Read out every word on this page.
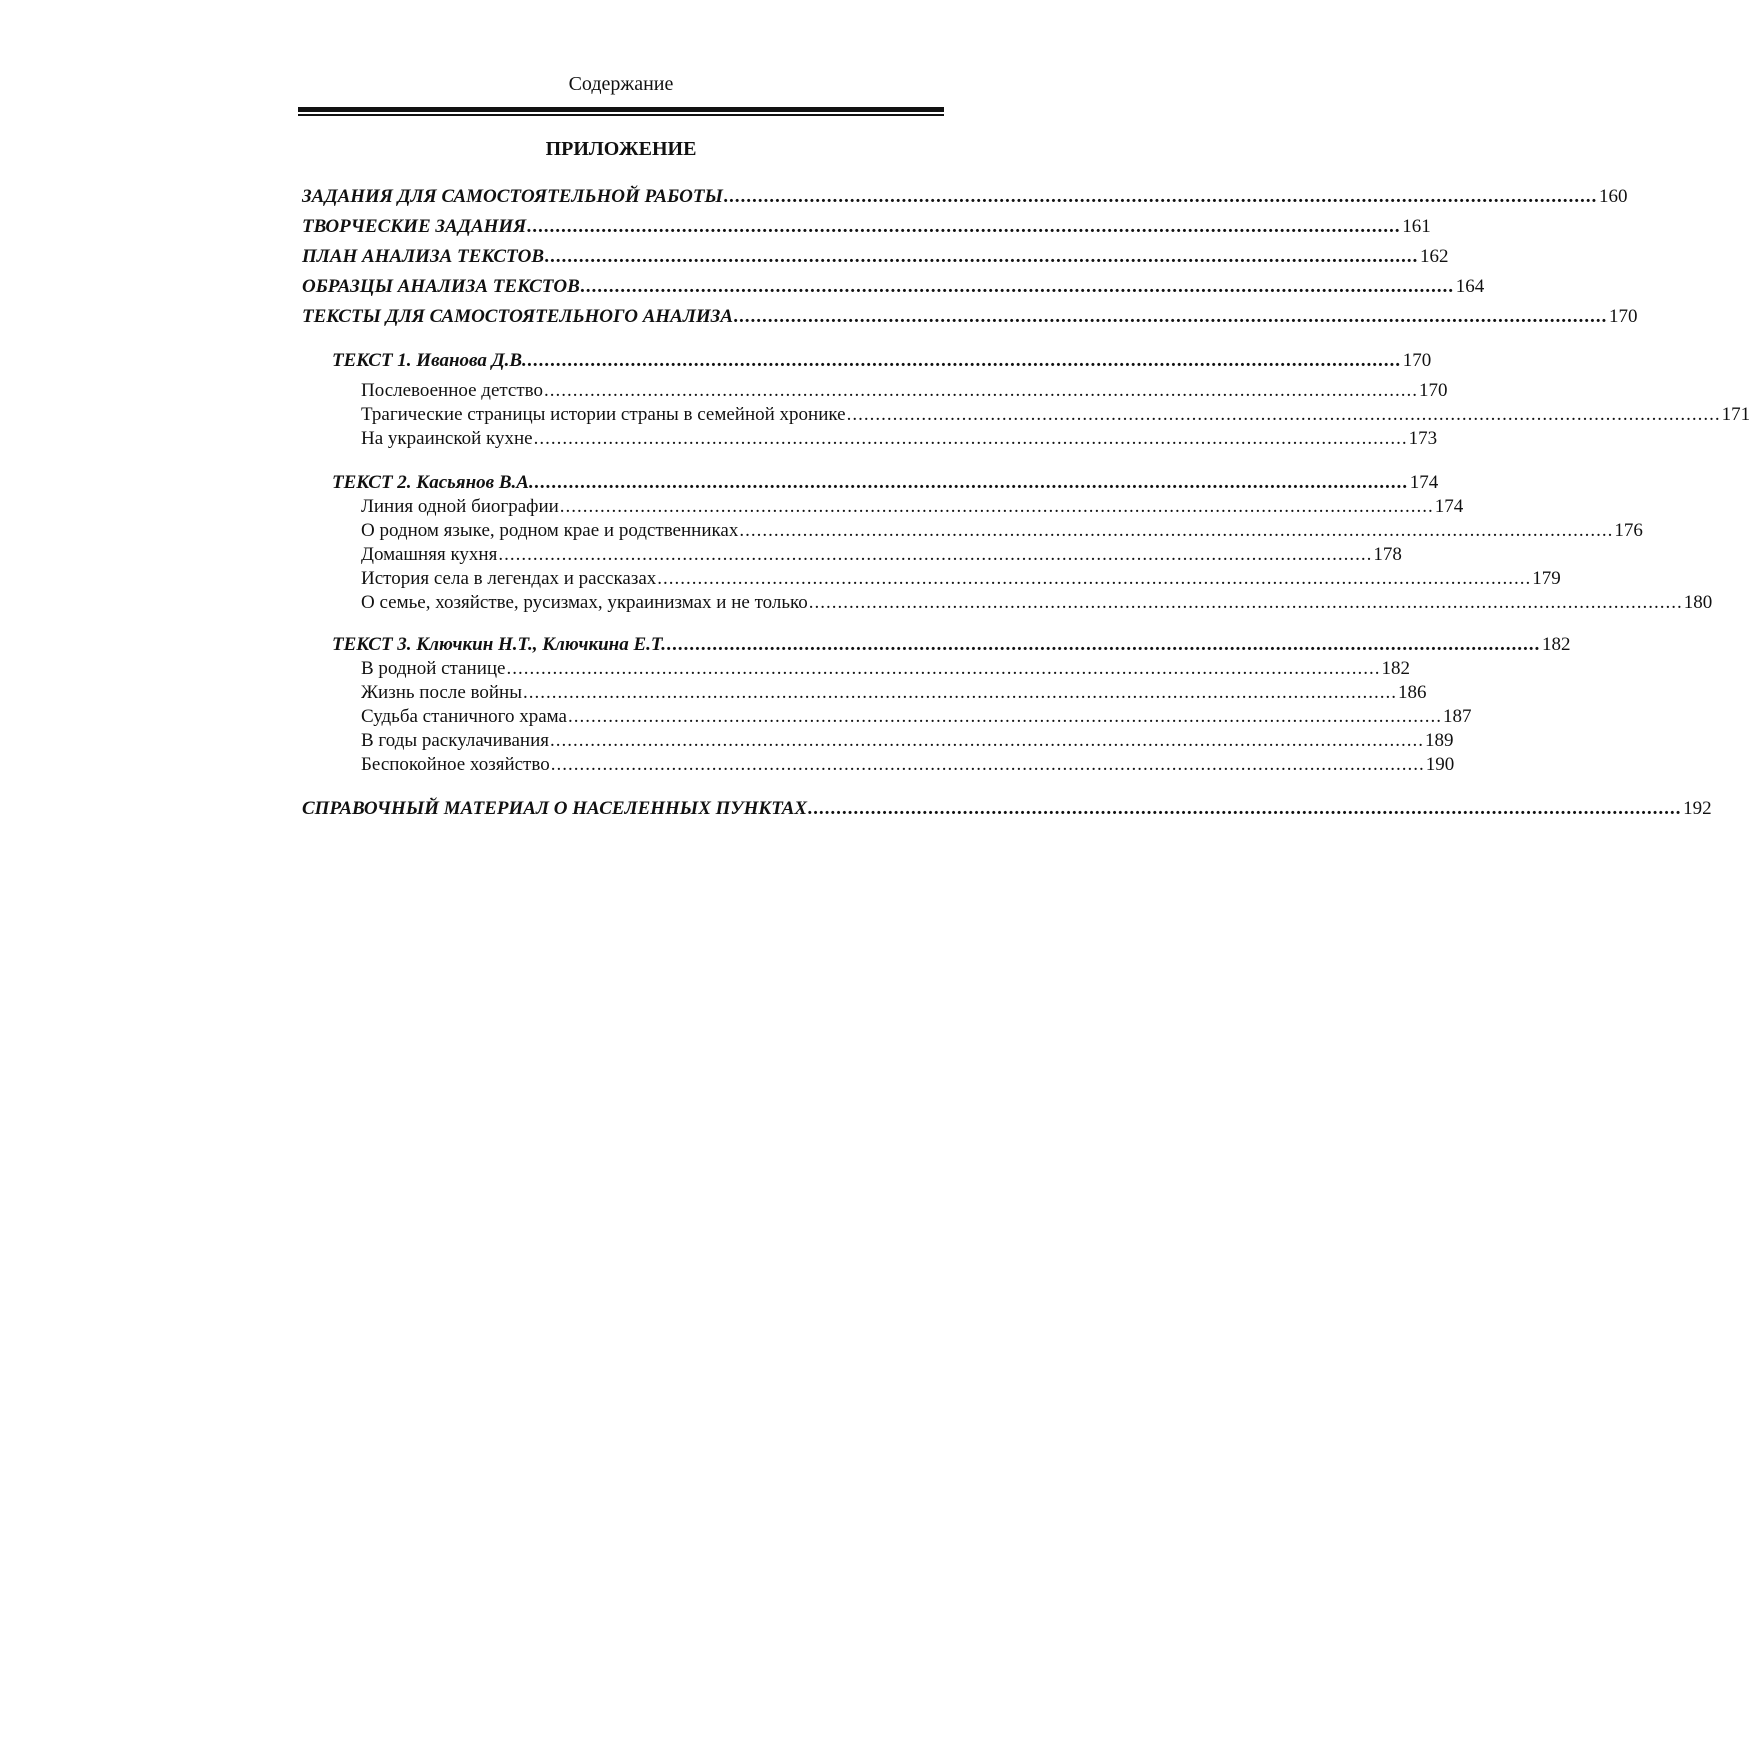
Содержание
ПРИЛОЖЕНИЕ
ЗАДАНИЯ ДЛЯ САМОСТОЯТЕЛЬНОЙ РАБОТЫ ........................................................................................................................................................ 160
ТВОРЧЕСКИЕ ЗАДАНИЯ ........................................................................................................................................................ 161
ПЛАН АНАЛИЗА ТЕКСТОВ ........................................................................................................................................................ 162
ОБРАЗЦЫ АНАЛИЗА ТЕКСТОВ ........................................................................................................................................................ 164
ТЕКСТЫ ДЛЯ САМОСТОЯТЕЛЬНОГО АНАЛИЗА ........................................................................................................................................................ 170
ТЕКСТ 1. Иванова Д.В. ........................................................................................................................................................ 170
Послевоенное детство ........................................................................................................................................................ 170
Трагические страницы истории страны в семейной хронике ........................................................................................................................................................ 171
На украинской кухне ........................................................................................................................................................ 173
ТЕКСТ 2. Касьянов В.А. ........................................................................................................................................................ 174
Линия одной биографии ........................................................................................................................................................ 174
О родном языке, родном крае и родственниках ........................................................................................................................................................ 176
Домашняя кухня ........................................................................................................................................................ 178
История села в легендах и рассказах ........................................................................................................................................................ 179
О семье, хозяйстве, русизмах, украинизмах и не только ........................................................................................................................................................ 180
ТЕКСТ 3. Ключкин Н.Т., Ключкина Е.Т. ........................................................................................................................................................ 182
В родной станице ........................................................................................................................................................ 182
Жизнь после войны ........................................................................................................................................................ 186
Судьба станичного храма ........................................................................................................................................................ 187
В годы раскулачивания ........................................................................................................................................................ 189
Беспокойное хозяйство ........................................................................................................................................................ 190
СПРАВОЧНЫЙ МАТЕРИАЛ О НАСЕЛЕННЫХ ПУНКТАХ ........................................................................................................................................................ 192
